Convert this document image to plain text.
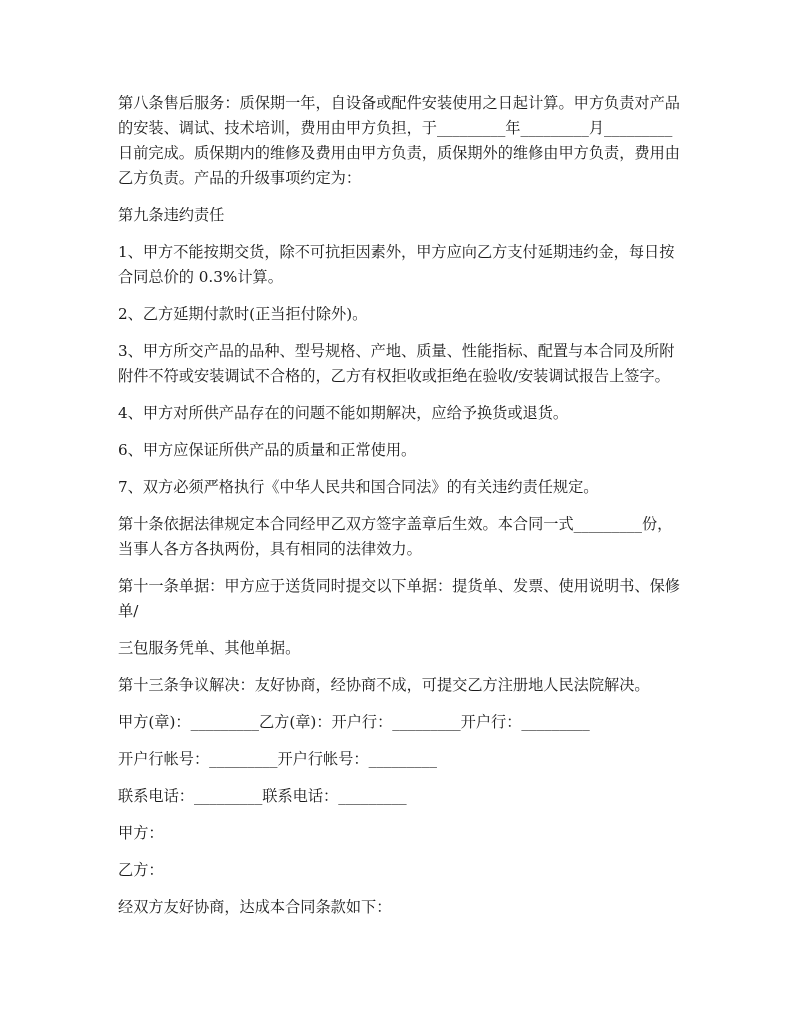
第八条售后服务：质保期一年，自设备或配件安装使用之日起计算。甲方负责对产品的安装、调试、技术培训，费用由甲方负担，于_________年_________月_________日前完成。质保期内的维修及费用由甲方负责，质保期外的维修由甲方负责，费用由乙方负责。产品的升级事项约定为：

第九条违约责任

1、甲方不能按期交货，除不可抗拒因素外，甲方应向乙方支付延期违约金，每日按合同总价的 0.3%计算。

2、乙方延期付款时(正当拒付除外)。

3、甲方所交产品的品种、型号规格、产地、质量、性能指标、配置与本合同及所附附件不符或安装调试不合格的，乙方有权拒收或拒绝在验收/安装调试报告上签字。

4、甲方对所供产品存在的问题不能如期解决，应给予换货或退货。

6、甲方应保证所供产品的质量和正常使用。

7、双方必须严格执行《中华人民共和国合同法》的有关违约责任规定。

第十条依据法律规定本合同经甲乙双方签字盖章后生效。本合同一式_________份，当事人各方各执两份，具有相同的法律效力。

第十一条单据：甲方应于送货同时提交以下单据：提货单、发票、使用说明书、保修单/

三包服务凭单、其他单据。

第十三条争议解决：友好协商，经协商不成，可提交乙方注册地人民法院解决。

甲方(章)：_________乙方(章)：开户行：_________开户行：_________

开户行帐号：_________开户行帐号：_________

联系电话：_________联系电话：_________

甲方：

乙方：

经双方友好协商，达成本合同条款如下：
